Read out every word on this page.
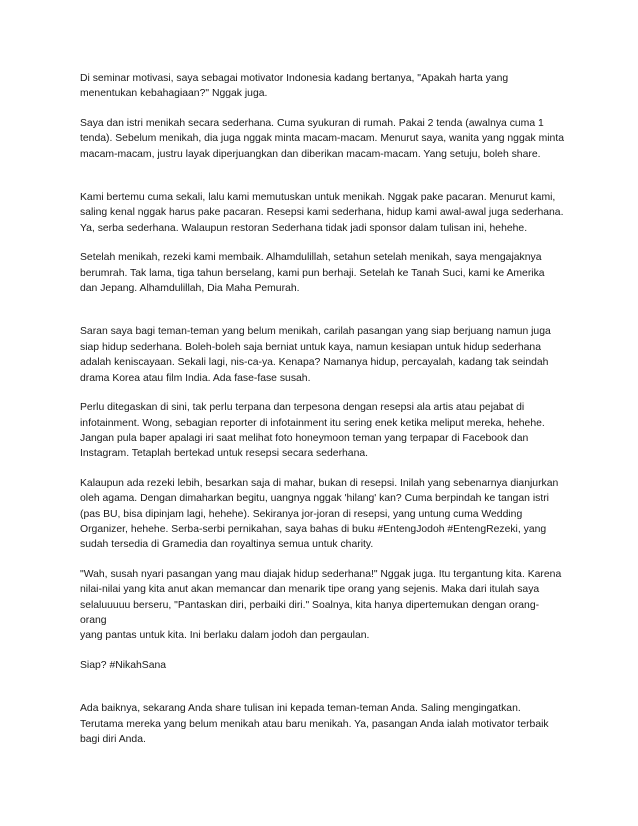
Di seminar motivasi, saya sebagai motivator Indonesia kadang bertanya, "Apakah harta yang
menentukan kebahagiaan?" Nggak juga.

Saya dan istri menikah secara sederhana. Cuma syukuran di rumah. Pakai 2 tenda (awalnya cuma 1
tenda). Sebelum menikah, dia juga nggak minta macam-macam. Menurut saya, wanita yang nggak minta
macam-macam, justru layak diperjuangkan dan diberikan macam-macam. Yang setuju, boleh share.

Kami bertemu cuma sekali, lalu kami memutuskan untuk menikah. Nggak pake pacaran. Menurut kami,
saling kenal nggak harus pake pacaran. Resepsi kami sederhana, hidup kami awal-awal juga sederhana.
Ya, serba sederhana. Walaupun restoran Sederhana tidak jadi sponsor dalam tulisan ini, hehehe.

Setelah menikah, rezeki kami membaik. Alhamdulillah, setahun setelah menikah, saya mengajaknya
berumrah. Tak lama, tiga tahun berselang, kami pun berhaji. Setelah ke Tanah Suci, kami ke Amerika
dan Jepang. Alhamdulillah, Dia Maha Pemurah.

Saran saya bagi teman-teman yang belum menikah, carilah pasangan yang siap berjuang namun juga
siap hidup sederhana. Boleh-boleh saja berniat untuk kaya, namun kesiapan untuk hidup sederhana
adalah keniscayaan. Sekali lagi, nis-ca-ya. Kenapa? Namanya hidup, percayalah, kadang tak seindah
drama Korea atau film India. Ada fase-fase susah.

Perlu ditegaskan di sini, tak perlu terpana dan terpesona dengan resepsi ala artis atau pejabat di
infotainment. Wong, sebagian reporter di infotainment itu sering enek ketika meliput mereka, hehehe.
Jangan pula baper apalagi iri saat melihat foto honeymoon teman yang terpapar di Facebook dan
Instagram. Tetaplah bertekad untuk resepsi secara sederhana.

Kalaupun ada rezeki lebih, besarkan saja di mahar, bukan di resepsi. Inilah yang sebenarnya dianjurkan
oleh agama. Dengan dimaharkan begitu, uangnya nggak 'hilang' kan? Cuma berpindah ke tangan istri
(pas BU, bisa dipinjam lagi, hehehe). Sekiranya jor-joran di resepsi, yang untung cuma Wedding
Organizer, hehehe. Serba-serbi pernikahan, saya bahas di buku #EntengJodoh #EntengRezeki, yang
sudah tersedia di Gramedia dan royaltinya semua untuk charity.

"Wah, susah nyari pasangan yang mau diajak hidup sederhana!" Nggak juga. Itu tergantung kita. Karena
nilai-nilai yang kita anut akan memancar dan menarik tipe orang yang sejenis. Maka dari itulah saya
selaluuuuu berseru, "Pantaskan diri, perbaiki diri." Soalnya, kita hanya dipertemukan dengan orang-orang
yang pantas untuk kita. Ini berlaku dalam jodoh dan pergaulan.

Siap? #NikahSana

Ada baiknya, sekarang Anda share tulisan ini kepada teman-teman Anda. Saling mengingatkan.
Terutama mereka yang belum menikah atau baru menikah. Ya, pasangan Anda ialah motivator terbaik
bagi diri Anda.
